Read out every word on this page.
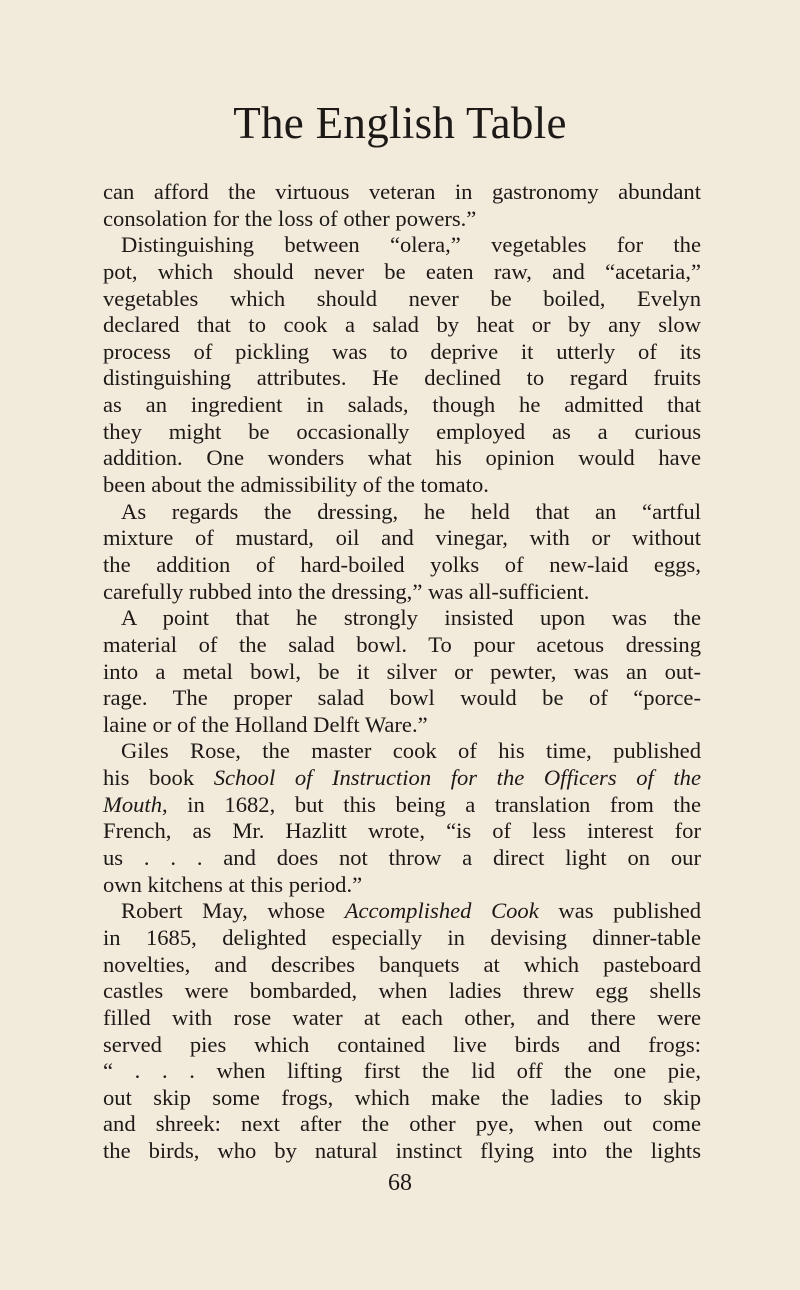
The English Table
can afford the virtuous veteran in gastronomy abundant
consolation for the loss of other powers.”
Distinguishing between “olera,” vegetables for the
pot, which should never be eaten raw, and “acetaria,”
vegetables which should never be boiled, Evelyn
declared that to cook a salad by heat or by any slow
process of pickling was to deprive it utterly of its
distinguishing attributes. He declined to regard fruits
as an ingredient in salads, though he admitted that
they might be occasionally employed as a curious
addition. One wonders what his opinion would have
been about the admissibility of the tomato.
As regards the dressing, he held that an “artful
mixture of mustard, oil and vinegar, with or without
the addition of hard-boiled yolks of new-laid eggs,
carefully rubbed into the dressing,” was all-sufficient.
A point that he strongly insisted upon was the
material of the salad bowl. To pour acetous dressing
into a metal bowl, be it silver or pewter, was an out-
rage. The proper salad bowl would be of “porce-
laine or of the Holland Delft Ware.”
Giles Rose, the master cook of his time, published
his book School of Instruction for the Officers of the
Mouth, in 1682, but this being a translation from the
French, as Mr. Hazlitt wrote, “is of less interest for
us . . . and does not throw a direct light on our
own kitchens at this period.”
Robert May, whose Accomplished Cook was published
in 1685, delighted especially in devising dinner-table
novelties, and describes banquets at which pasteboard
castles were bombarded, when ladies threw egg shells
filled with rose water at each other, and there were
served pies which contained live birds and frogs:
“ . . . when lifting first the lid off the one pie,
out skip some frogs, which make the ladies to skip
and shreek: next after the other pye, when out come
the birds, who by natural instinct flying into the lights
68
